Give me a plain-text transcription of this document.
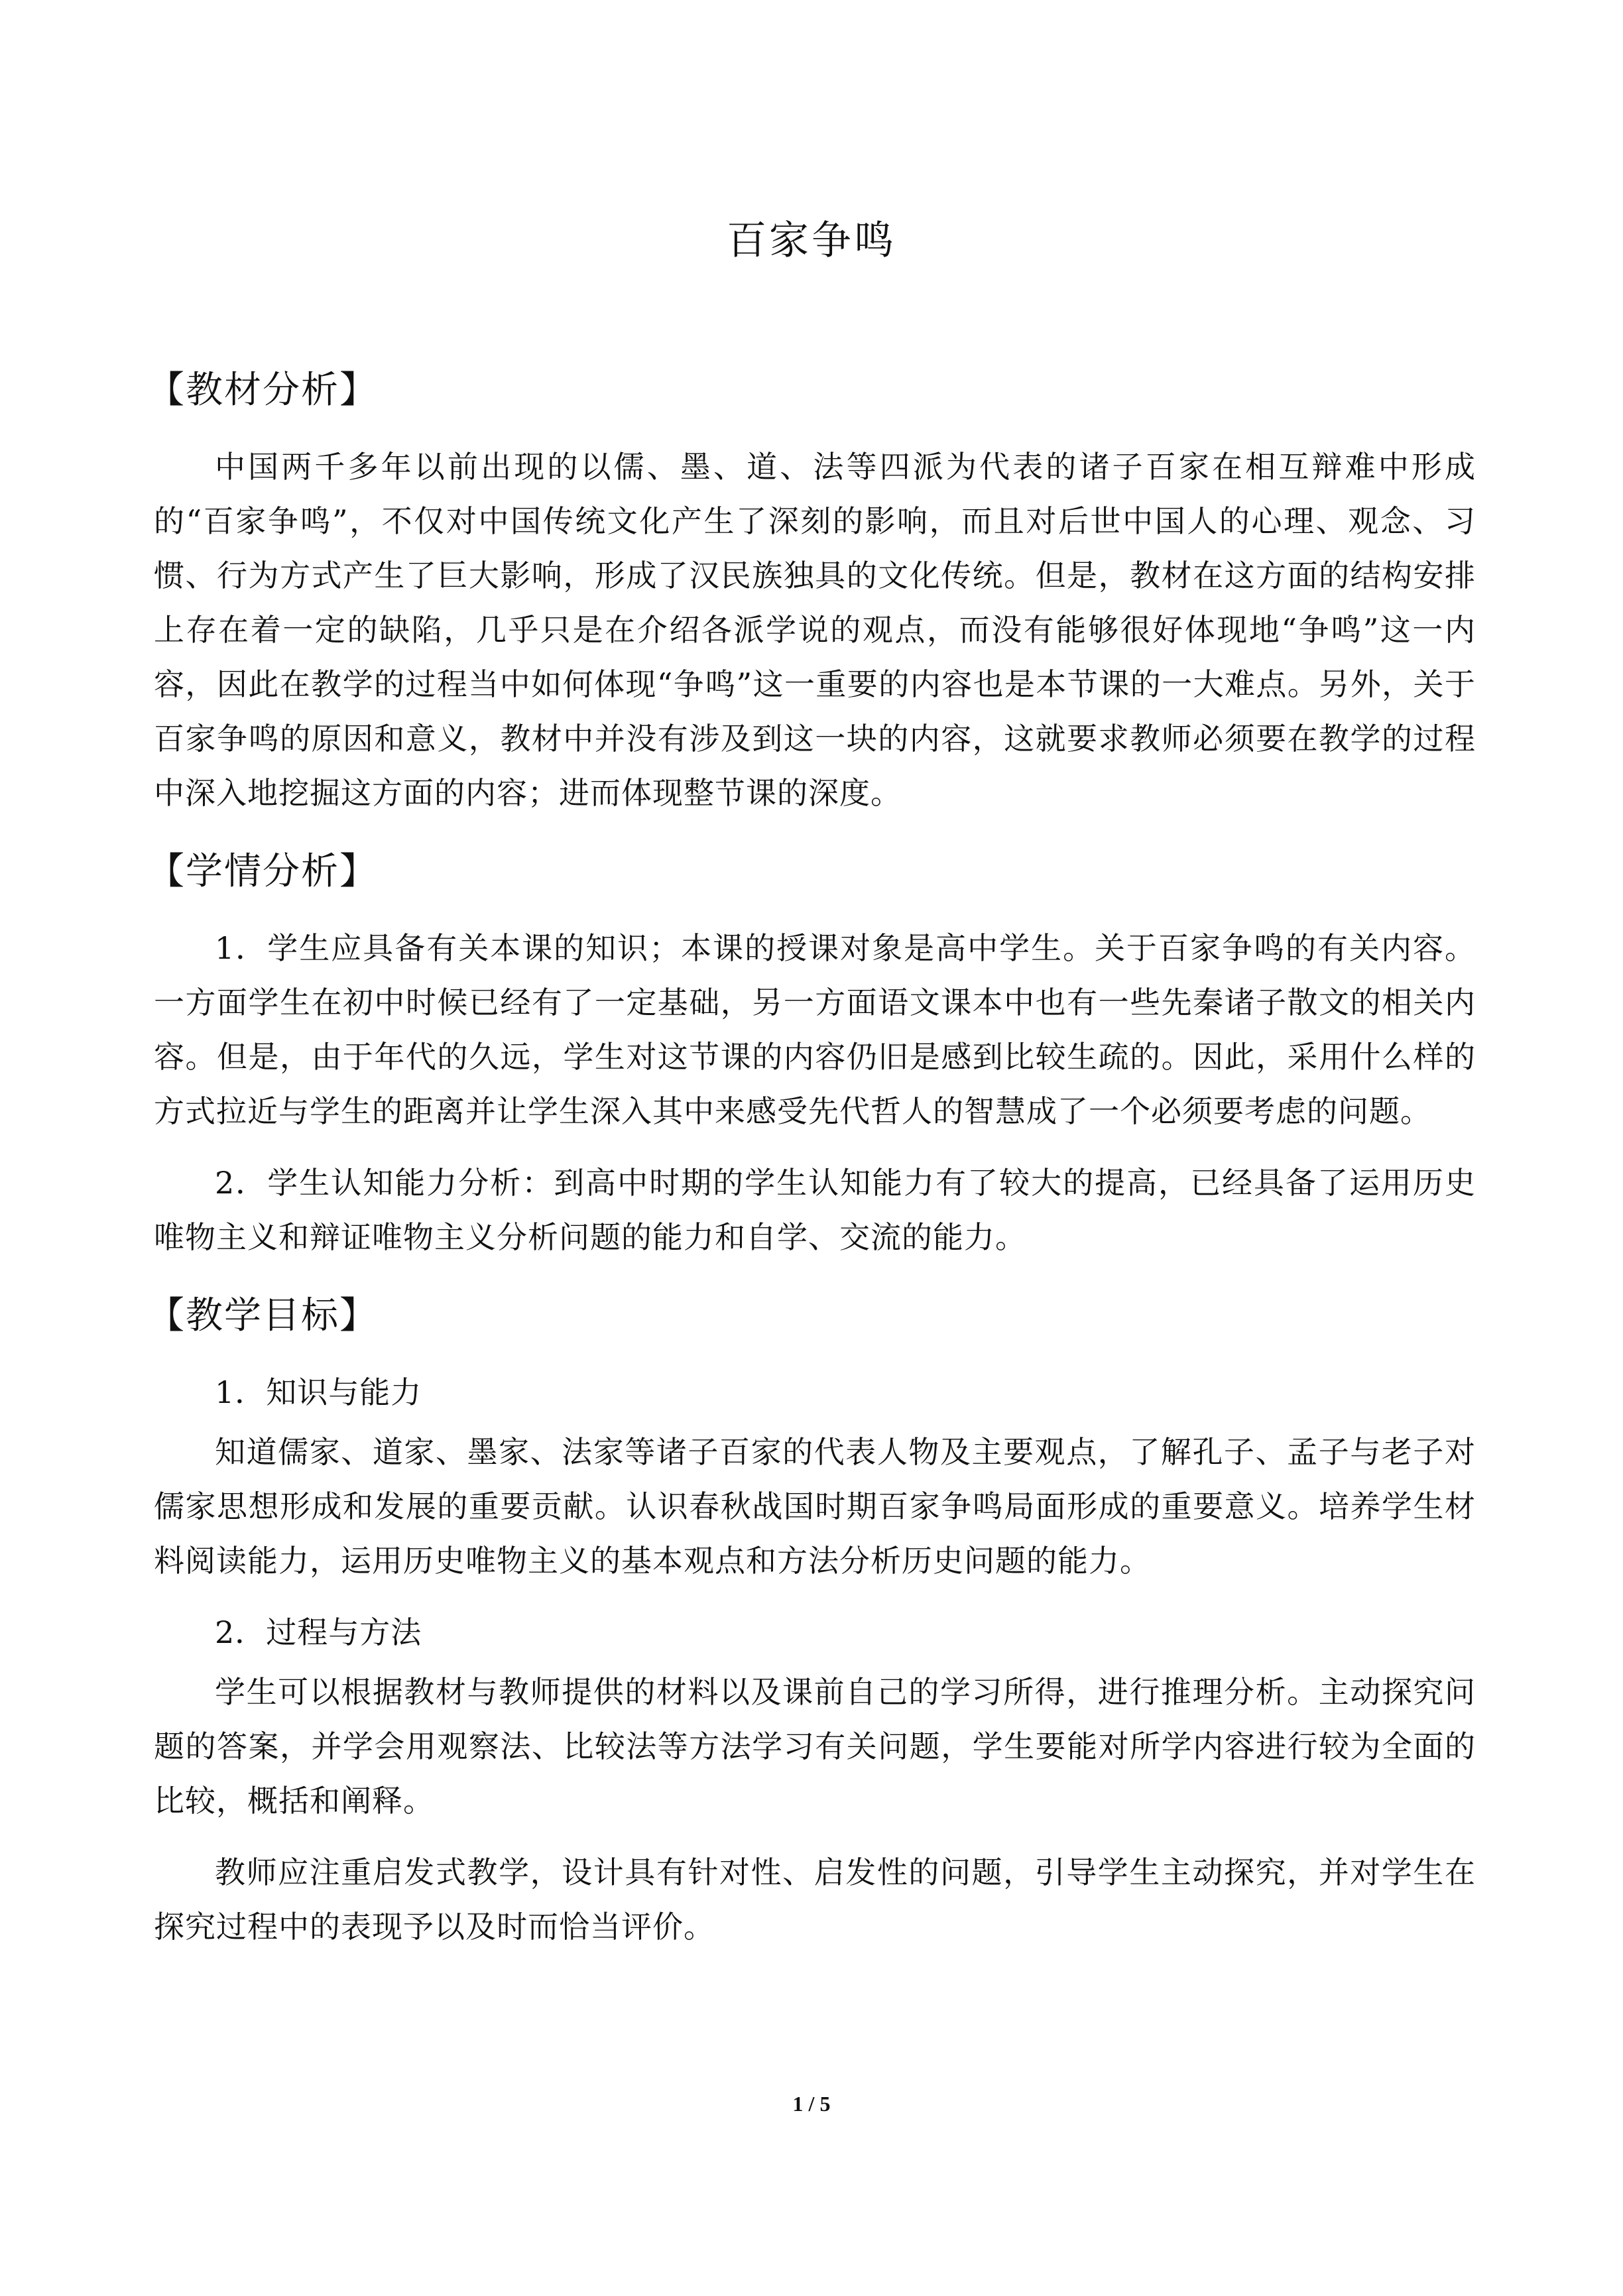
百家争鸣
【教材分析】

中国两千多年以前出现的以儒、墨、道、法等四派为代表的诸子百家在相互辩难中形成的“百家争鸣”，不仅对中国传统文化产生了深刻的影响，而且对后世中国人的心理、观念、习惯、行为方式产生了巨大影响，形成了汉民族独具的文化传统。但是，教材在这方面的结构安排上存在着一定的缺陷，几乎只是在介绍各派学说的观点，而没有能够很好体现地“争鸣”这一内容，因此在教学的过程当中如何体现“争鸣”这一重要的内容也是本节课的一大难点。另外，关于百家争鸣的原因和意义，教材中并没有涉及到这一块的内容，这就要求教师必须要在教学的过程中深入地挖掘这方面的内容；进而体现整节课的深度。

【学情分析】

1．学生应具备有关本课的知识；本课的授课对象是高中学生。关于百家争鸣的有关内容。一方面学生在初中时候已经有了一定基础，另一方面语文课本中也有一些先秦诸子散文的相关内容。但是，由于年代的久远，学生对这节课的内容仍旧是感到比较生疏的。因此，采用什么样的方式拉近与学生的距离并让学生深入其中来感受先代哲人的智慧成了一个必须要考虑的问题。

2．学生认知能力分析：到高中时期的学生认知能力有了较大的提高，已经具备了运用历史唯物主义和辩证唯物主义分析问题的能力和自学、交流的能力。

【教学目标】

1．知识与能力

知道儒家、道家、墨家、法家等诸子百家的代表人物及主要观点，了解孔子、孟子与老子对儒家思想形成和发展的重要贡献。认识春秋战国时期百家争鸣局面形成的重要意义。培养学生材料阅读能力，运用历史唯物主义的基本观点和方法分析历史问题的能力。

2．过程与方法

学生可以根据教材与教师提供的材料以及课前自己的学习所得，进行推理分析。主动探究问题的答案，并学会用观察法、比较法等方法学习有关问题，学生要能对所学内容进行较为全面的比较，概括和阐释。

教师应注重启发式教学，设计具有针对性、启发性的问题，引导学生主动探究，并对学生在探究过程中的表现予以及时而恰当评价。

1 / 5
